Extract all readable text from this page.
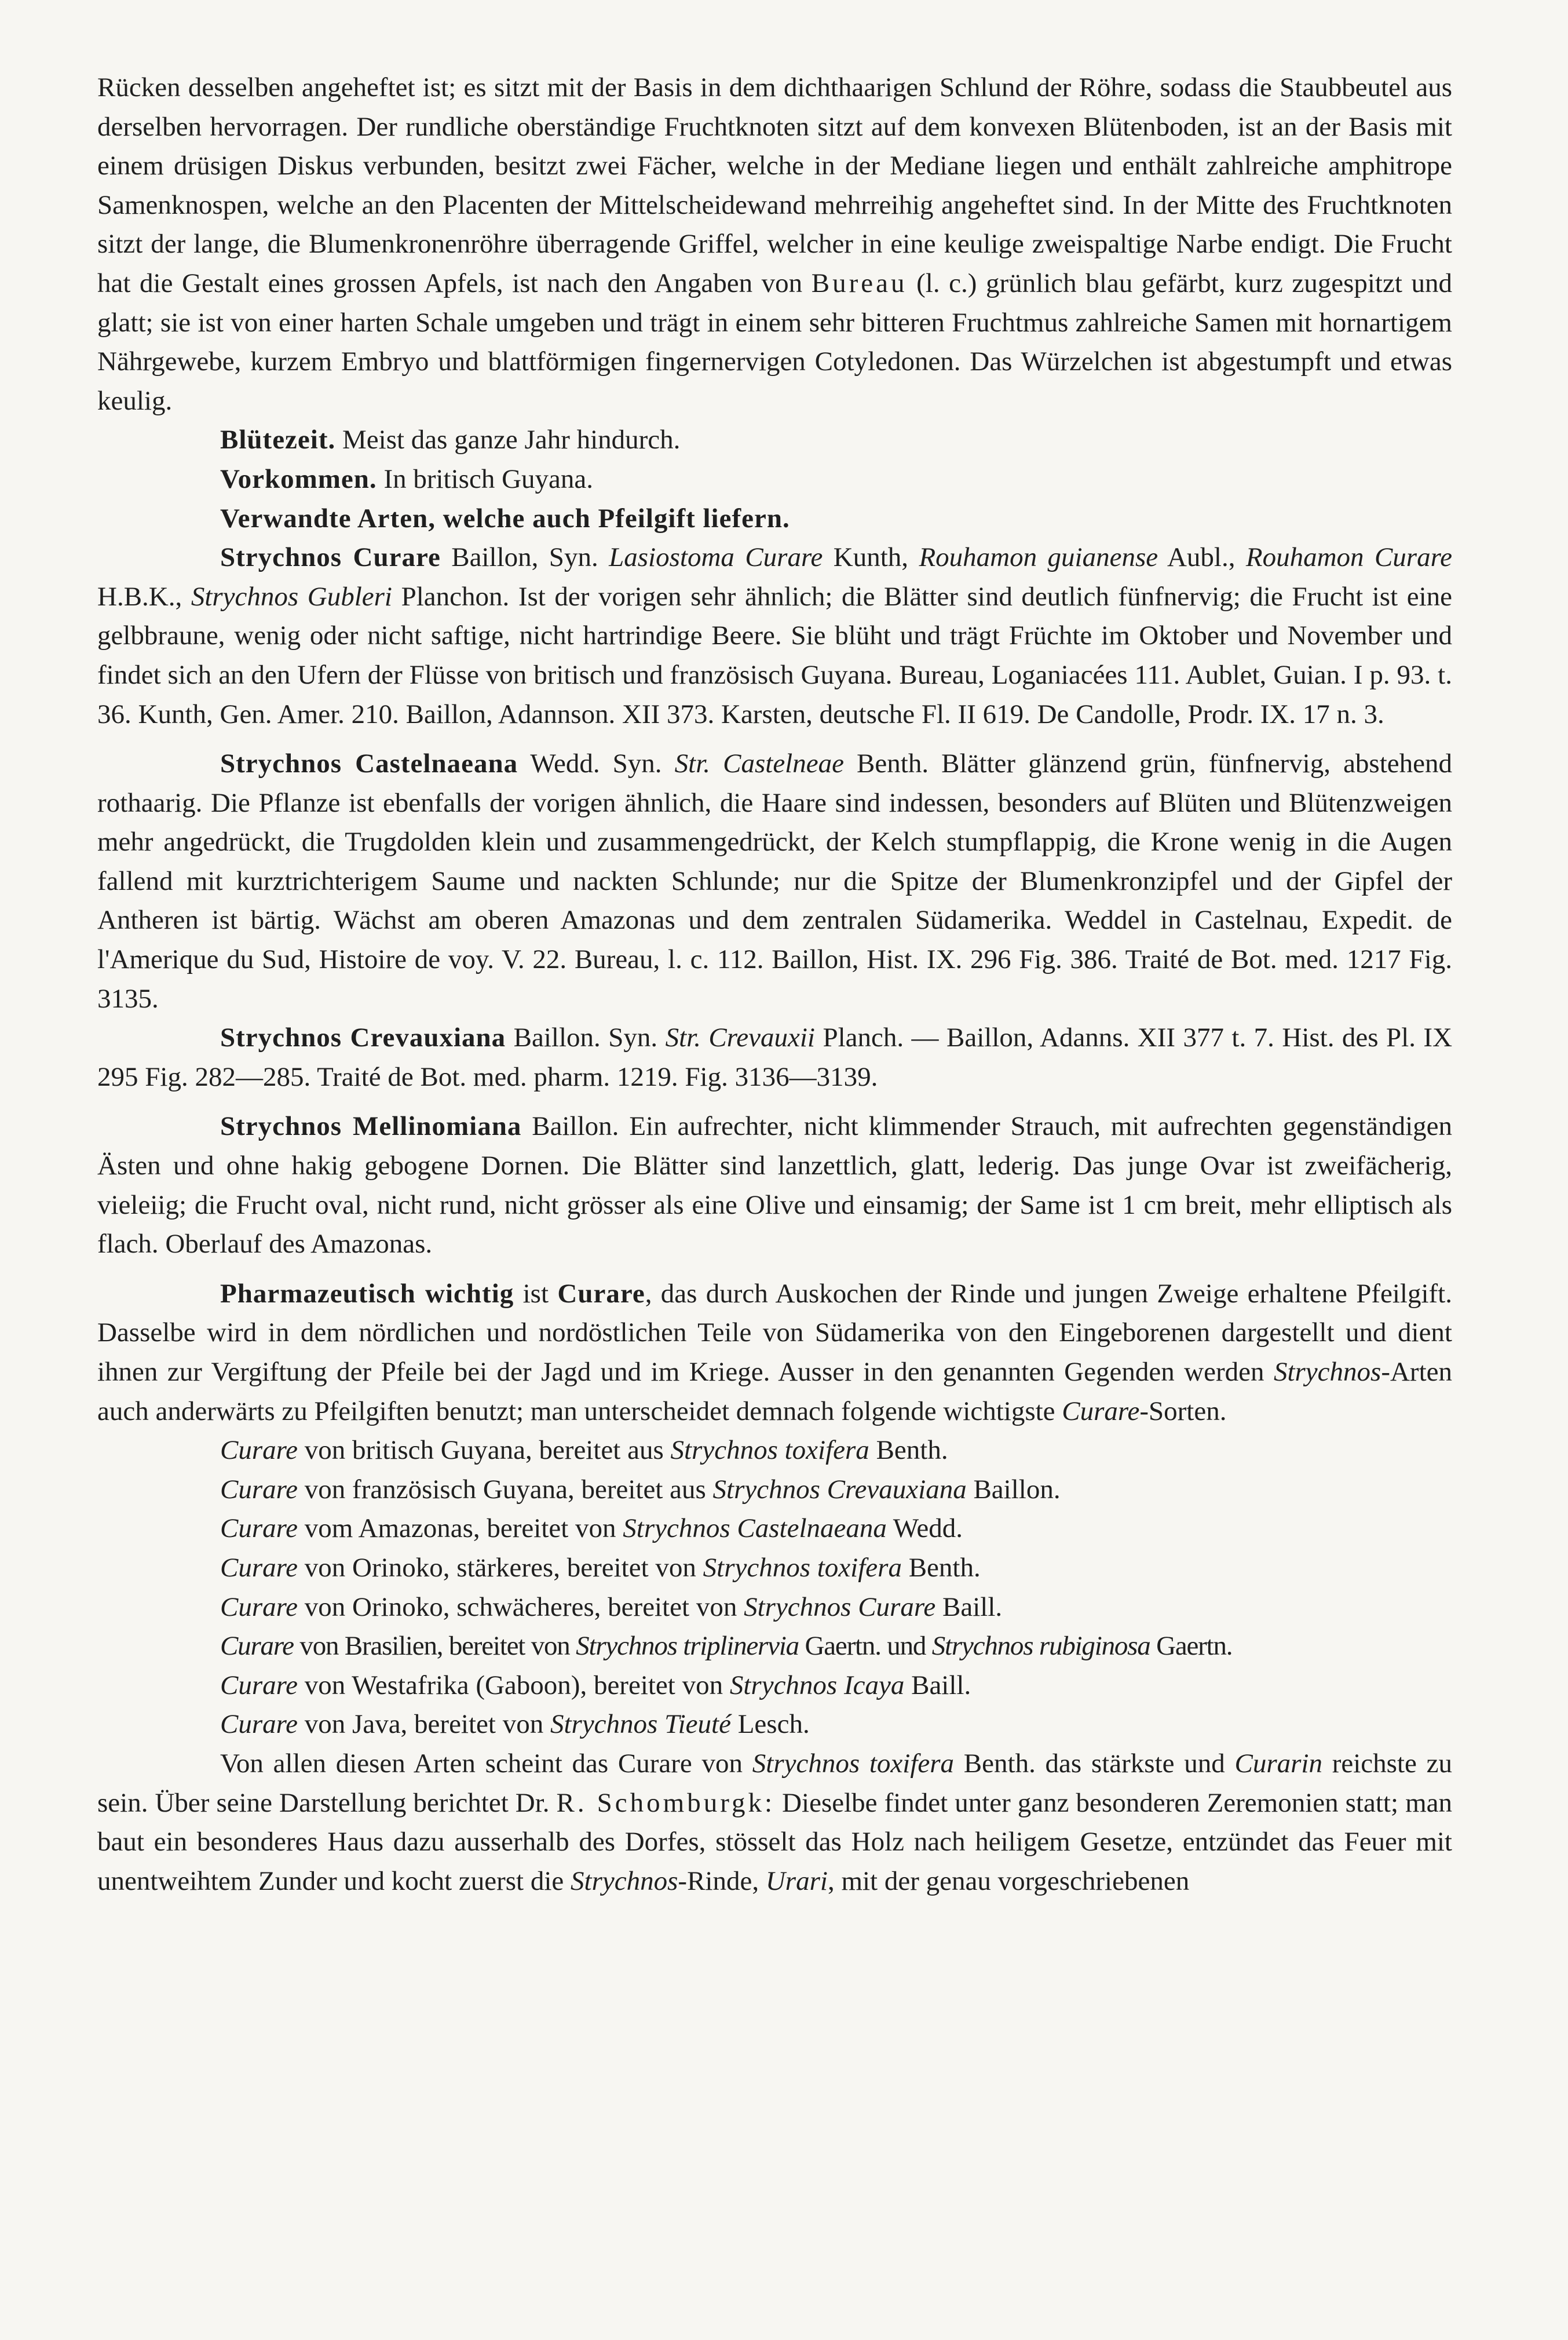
Rücken desselben angeheftet ist; es sitzt mit der Basis in dem dichthaarigen Schlund der Röhre, sodass die Staubbeutel aus derselben hervorragen. Der rundliche oberständige Fruchtknoten sitzt auf dem konvexen Blütenboden, ist an der Basis mit einem drüsigen Diskus verbunden, besitzt zwei Fächer, welche in der Mediane liegen und enthält zahlreiche amphitrope Samenknospen, welche an den Placenten der Mittelscheidewand mehrreihig angeheftet sind. In der Mitte des Fruchtknoten sitzt der lange, die Blumenkronenröhre überragende Griffel, welcher in eine keulige zweispaltige Narbe endigt. Die Frucht hat die Gestalt eines grossen Apfels, ist nach den Angaben von Bureau (l. c.) grünlich blau gefärbt, kurz zugespitzt und glatt; sie ist von einer harten Schale umgeben und trägt in einem sehr bitteren Fruchtmus zahlreiche Samen mit hornartigem Nährgewebe, kurzem Embryo und blattförmigen fingernervigen Cotyledonen. Das Würzelchen ist abgestumpft und etwas keulig.

Blütezeit. Meist das ganze Jahr hindurch.

Vorkommen. In britisch Guyana.

Verwandte Arten, welche auch Pfeilgift liefern.

Strychnos Curare Baillon, Syn. Lasiostoma Curare Kunth, Rouhamon guianense Aubl., Rouhamon Curare H.B.K., Strychnos Gubleri Planchon. Ist der vorigen sehr ähnlich; die Blätter sind deutlich fünfnervig; die Frucht ist eine gelbbraune, wenig oder nicht saftige, nicht hartrindige Beere. Sie blüht und trägt Früchte im Oktober und November und findet sich an den Ufern der Flüsse von britisch und französisch Guyana. Bureau, Loganiacées 111. Aublet, Guian. I p. 93. t. 36. Kunth, Gen. Amer. 210. Baillon, Adannson. XII 373. Karsten, deutsche Fl. II 619. De Candolle, Prodr. IX. 17 n. 3.

Strychnos Castelnaeana Wedd. Syn. Str. Castelneae Benth. Blätter glänzend grün, fünfnervig, abstehend rothaarig. Die Pflanze ist ebenfalls der vorigen ähnlich, die Haare sind indessen, besonders auf Blüten und Blütenzweigen mehr angedrückt, die Trugdolden klein und zusammengedrückt, der Kelch stumpflappig, die Krone wenig in die Augen fallend mit kurztrichterigem Saume und nackten Schlunde; nur die Spitze der Blumenkronzipfel und der Gipfel der Antheren ist bärtig. Wächst am oberen Amazonas und dem zentralen Südamerika. Weddel in Castelnau, Expedit. de l'Amerique du Sud, Histoire de voy. V. 22. Bureau, l. c. 112. Baillon, Hist. IX. 296 Fig. 386. Traité de Bot. med. 1217 Fig. 3135.

Strychnos Crevauxiana Baillon. Syn. Str. Crevauxii Planch. — Baillon, Adanns. XII 377 t. 7. Hist. des Pl. IX 295 Fig. 282—285. Traité de Bot. med. pharm. 1219. Fig. 3136—3139.

Strychnos Mellinomiana Baillon. Ein aufrechter, nicht klimmender Strauch, mit aufrechten gegenständigen Ästen und ohne hakig gebogene Dornen. Die Blätter sind lanzettlich, glatt, lederig. Das junge Ovar ist zweifächerig, vieleiig; die Frucht oval, nicht rund, nicht grösser als eine Olive und einsamig; der Same ist 1 cm breit, mehr elliptisch als flach. Oberlauf des Amazonas.

Pharmazeutisch wichtig ist Curare, das durch Auskochen der Rinde und jungen Zweige erhaltene Pfeilgift. Dasselbe wird in dem nördlichen und nordöstlichen Teile von Südamerika von den Eingeborenen dargestellt und dient ihnen zur Vergiftung der Pfeile bei der Jagd und im Kriege. Ausser in den genannten Gegenden werden Strychnos-Arten auch anderwärts zu Pfeilgiften benutzt; man unterscheidet demnach folgende wichtigste Curare-Sorten.

Curare von britisch Guyana, bereitet aus Strychnos toxifera Benth.

Curare von französisch Guyana, bereitet aus Strychnos Crevauxiana Baillon.

Curare vom Amazonas, bereitet von Strychnos Castelnaeana Wedd.

Curare von Orinoko, stärkeres, bereitet von Strychnos toxifera Benth.

Curare von Orinoko, schwächeres, bereitet von Strychnos Curare Baill.

Curare von Brasilien, bereitet von Strychnos triplinervia Gaertn. und Strychnos rubiginosa Gaertn.

Curare von Westafrika (Gaboon), bereitet von Strychnos Icaya Baill.

Curare von Java, bereitet von Strychnos Tieuté Lesch.

Von allen diesen Arten scheint das Curare von Strychnos toxifera Benth. das stärkste und Curarin reichste zu sein. Über seine Darstellung berichtet Dr. R. Schomburgk: Dieselbe findet unter ganz besonderen Zeremonien statt; man baut ein besonderes Haus dazu ausserhalb des Dorfes, stösselt das Holz nach heiligem Gesetze, entzündet das Feuer mit unentweihtem Zunder und kocht zuerst die Strychnos-Rinde, Urari, mit der genau vorgeschriebenen
